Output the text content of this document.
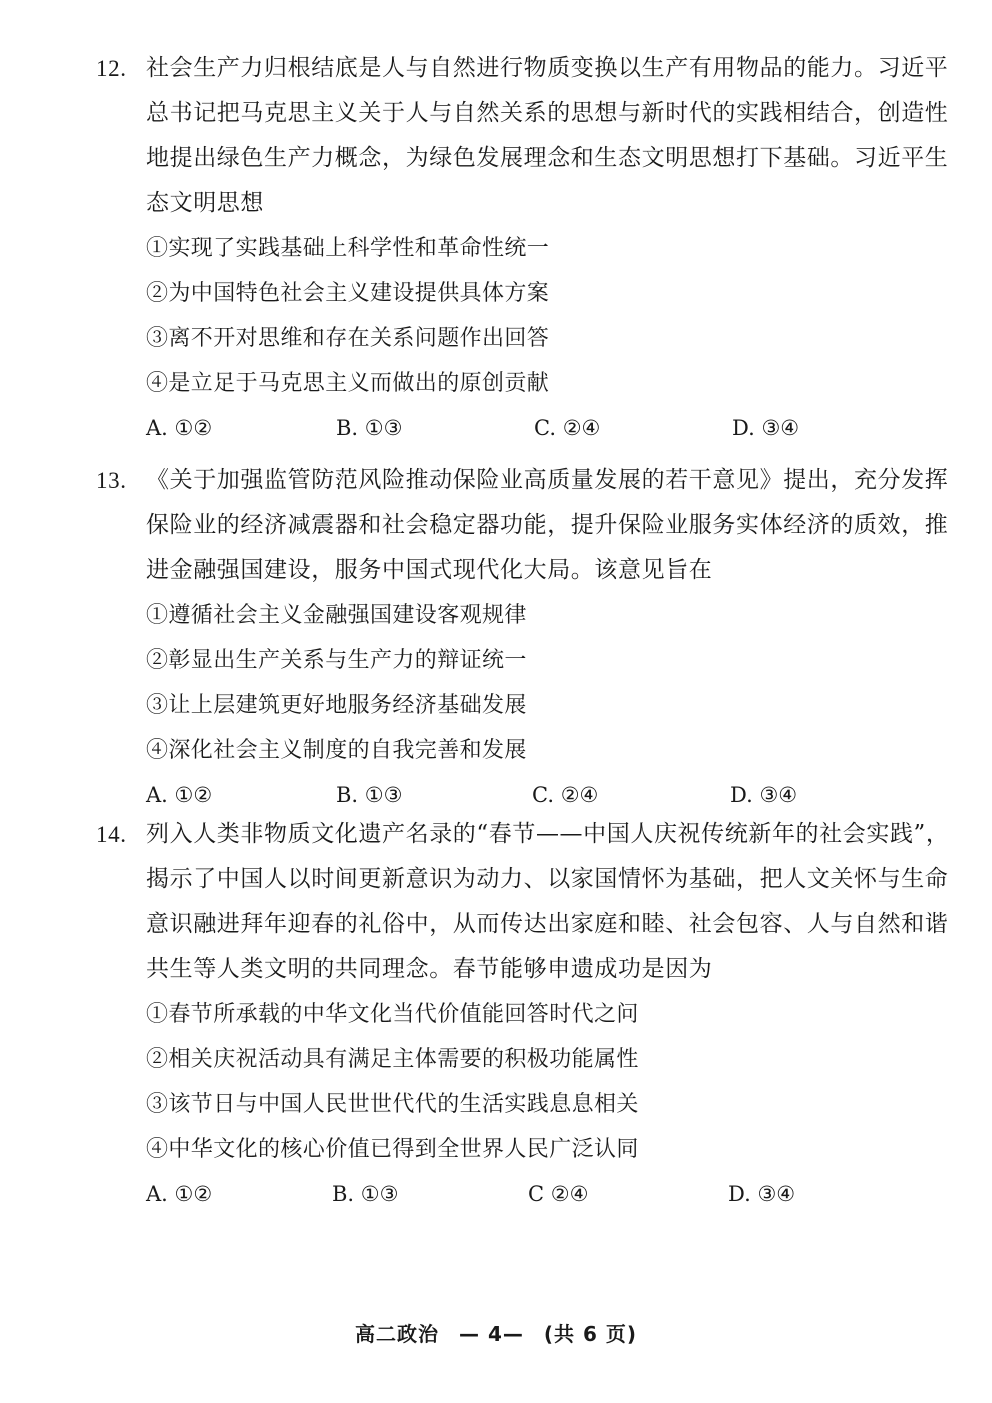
12. 社会生产力归根结底是人与自然进行物质变换以生产有用物品的能力。习近平总书记把马克思主义关于人与自然关系的思想与新时代的实践相结合，创造性地提出绿色生产力概念，为绿色发展理念和生态文明思想打下基础。习近平生态文明思想
①实现了实践基础上科学性和革命性统一
②为中国特色社会主义建设提供具体方案
③离不开对思维和存在关系问题作出回答
④是立足于马克思主义而做出的原创贡献
A. ①②	B. ①③	C. ②④	D. ③④
13. 《关于加强监管防范风险推动保险业高质量发展的若干意见》提出，充分发挥保险业的经济减震器和社会稳定器功能，提升保险业服务实体经济的质效，推进金融强国建设，服务中国式现代化大局。该意见旨在
①遵循社会主义金融强国建设客观规律
②彰显出生产关系与生产力的辩证统一
③让上层建筑更好地服务经济基础发展
④深化社会主义制度的自我完善和发展
A. ①②	B. ①③	C. ②④	D. ③④
14. 列入人类非物质文化遗产名录的“春节——中国人庆祝传统新年的社会实践”，揭示了中国人以时间更新意识为动力、以家国情怀为基础，把人文关怀与生命意识融进拜年迎春的礼俗中，从而传达出家庭和睦、社会包容、人与自然和谐共生等人类文明的共同理念。春节能够申遗成功是因为
①春节所承载的中华文化当代价值能回答时代之问
②相关庆祝活动具有满足主体需要的积极功能属性
③该节日与中国人民世世代代的生活实践息息相关
④中华文化的核心价值已得到全世界人民广泛认同
A. ①②	B. ①③	C ②④	D. ③④
高二政治 — 4— (共 6 页)
